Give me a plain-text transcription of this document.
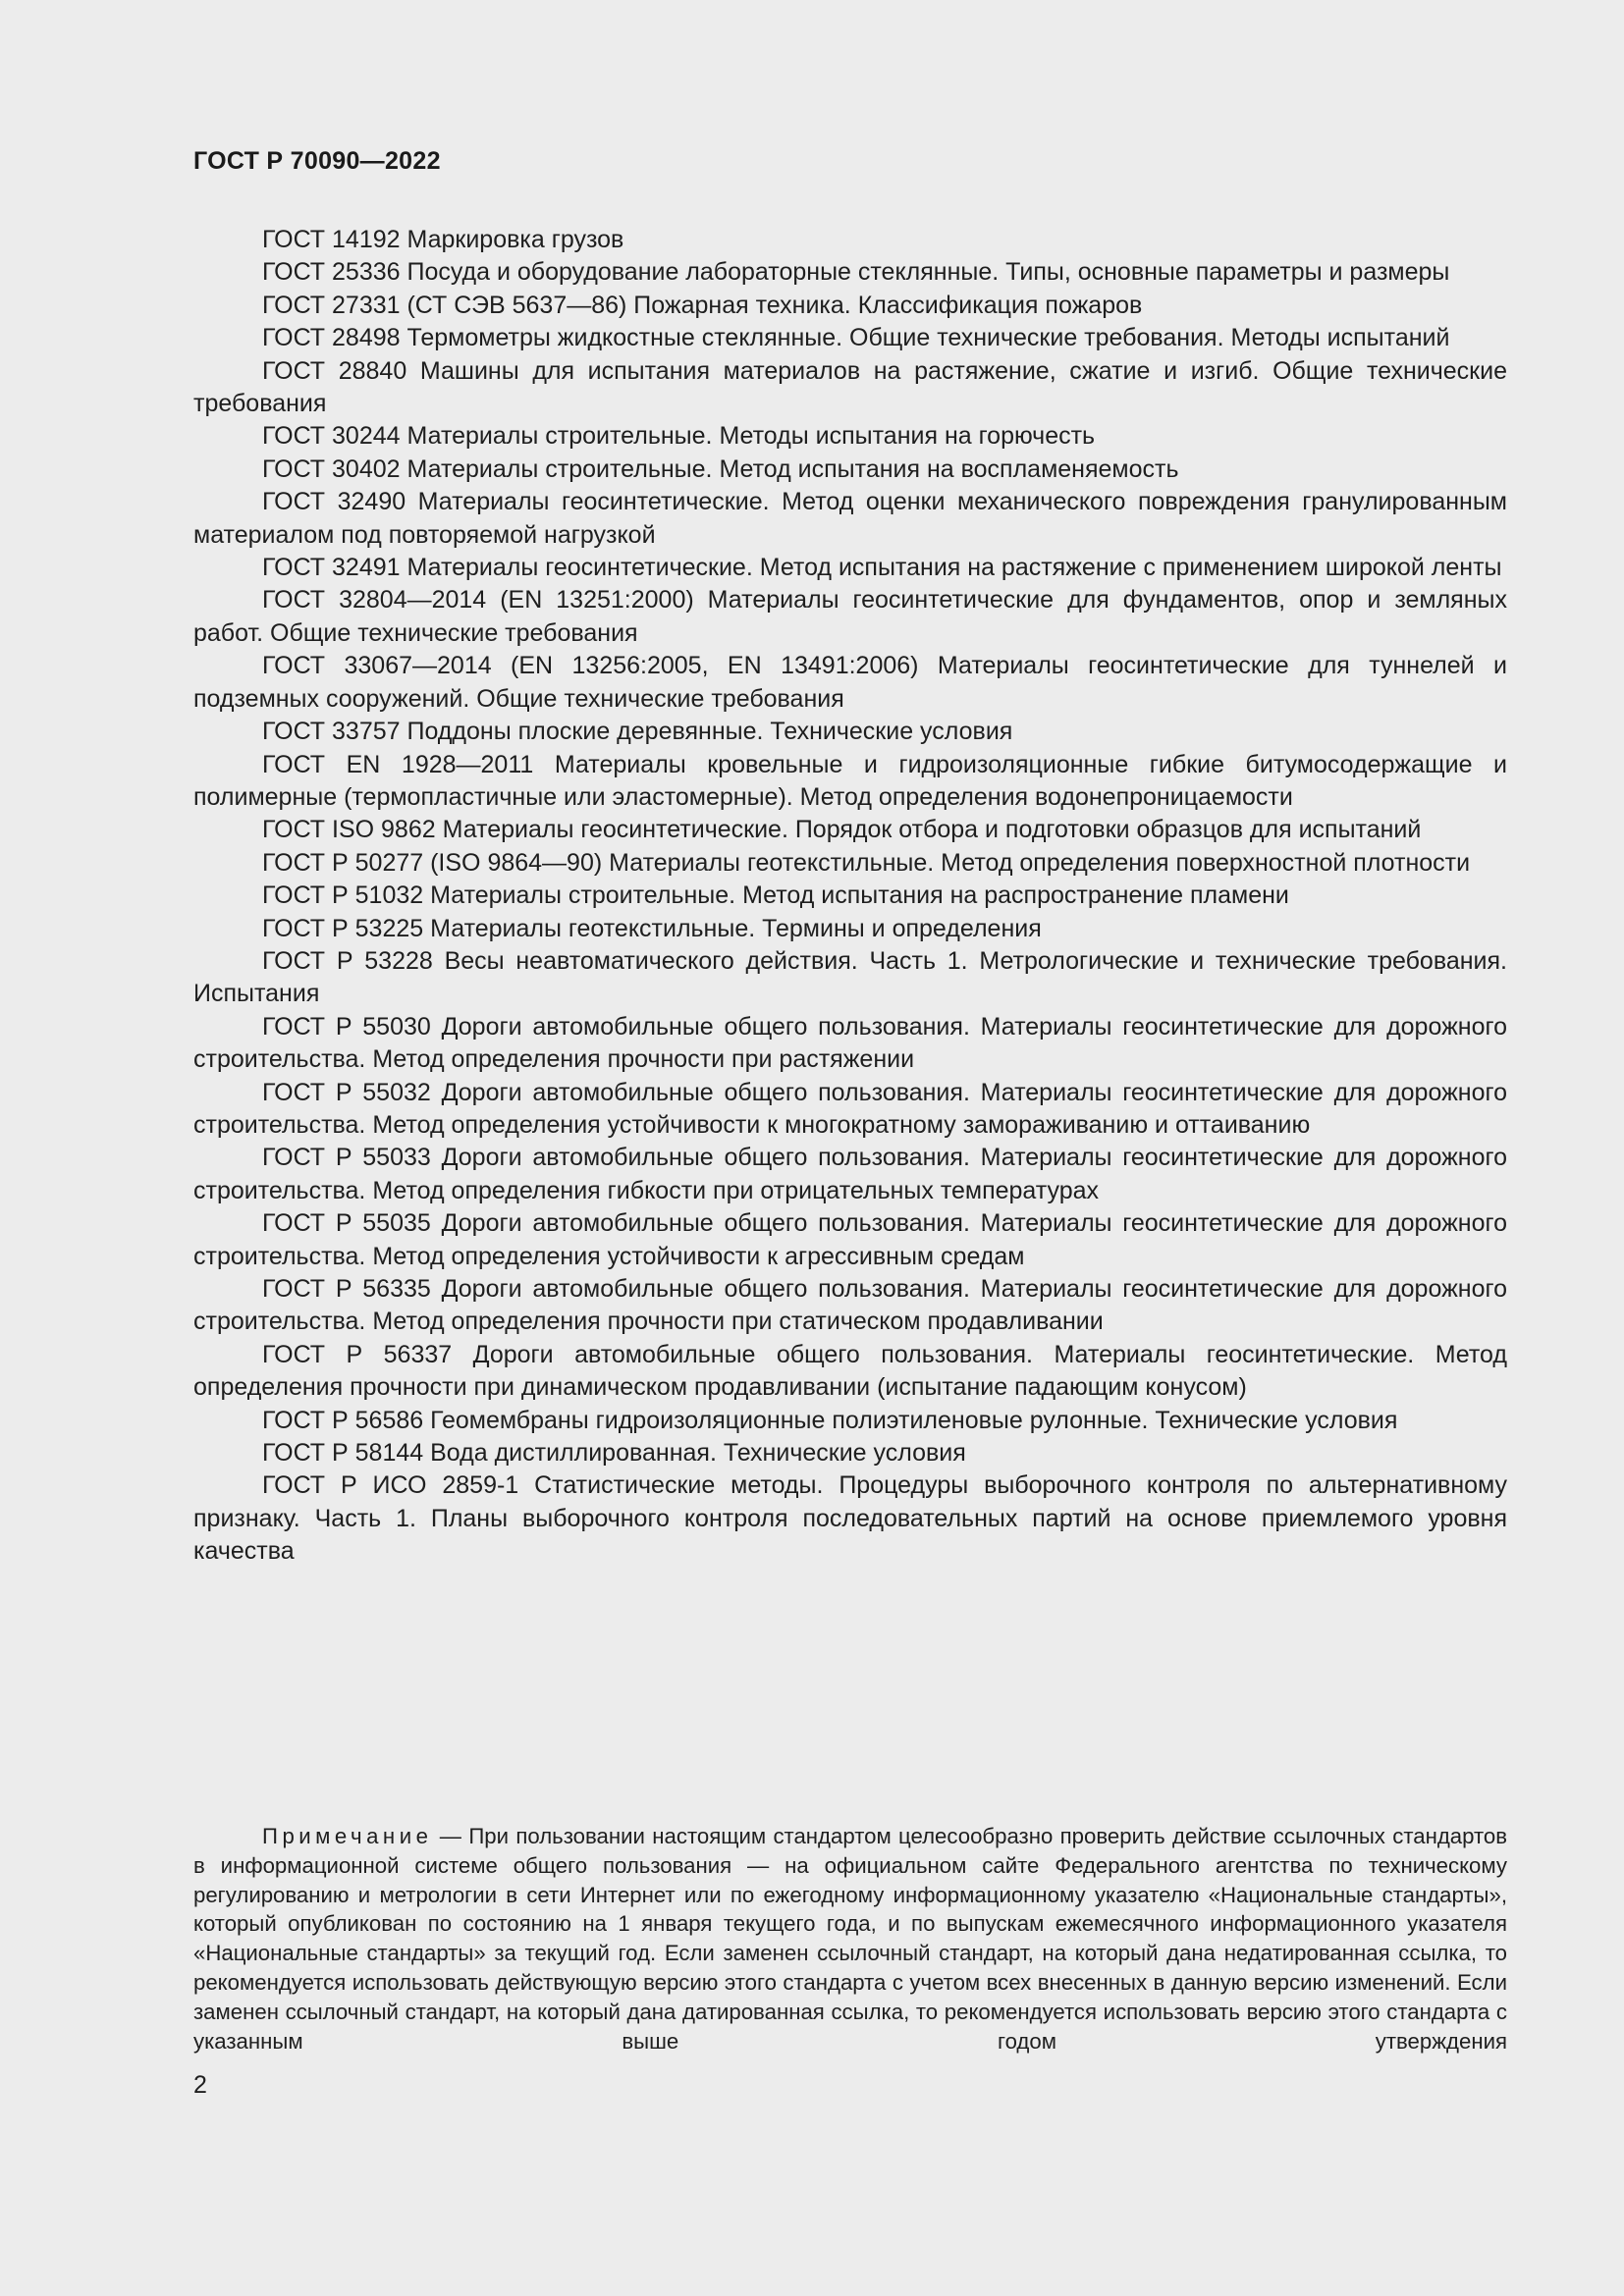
ГОСТ Р 70090—2022

ГОСТ 14192 Маркировка грузов

ГОСТ 25336 Посуда и оборудование лабораторные стеклянные. Типы, основные параметры и размеры

ГОСТ 27331 (СТ СЭВ 5637—86) Пожарная техника. Классификация пожаров

ГОСТ 28498 Термометры жидкостные стеклянные. Общие технические требования. Методы испытаний

ГОСТ 28840 Машины для испытания материалов на растяжение, сжатие и изгиб. Общие технические требования

ГОСТ 30244 Материалы строительные. Методы испытания на горючесть

ГОСТ 30402 Материалы строительные. Метод испытания на воспламеняемость

ГОСТ 32490 Материалы геосинтетические. Метод оценки механического повреждения гранулированным материалом под повторяемой нагрузкой

ГОСТ 32491 Материалы геосинтетические. Метод испытания на растяжение с применением широкой ленты

ГОСТ 32804—2014 (EN 13251:2000) Материалы геосинтетические для фундаментов, опор и земляных работ. Общие технические требования

ГОСТ 33067—2014 (EN 13256:2005, EN 13491:2006) Материалы геосинтетические для туннелей и подземных сооружений. Общие технические требования

ГОСТ 33757 Поддоны плоские деревянные. Технические условия

ГОСТ EN 1928—2011 Материалы кровельные и гидроизоляционные гибкие битумосодержащие и полимерные (термопластичные или эластомерные). Метод определения водонепроницаемости

ГОСТ ISO 9862 Материалы геосинтетические. Порядок отбора и подготовки образцов для испытаний

ГОСТ Р 50277 (ISO 9864—90) Материалы геотекстильные. Метод определения поверхностной плотности

ГОСТ Р 51032 Материалы строительные. Метод испытания на распространение пламени

ГОСТ Р 53225 Материалы геотекстильные. Термины и определения

ГОСТ Р 53228 Весы неавтоматического действия. Часть 1. Метрологические и технические требования. Испытания

ГОСТ Р 55030 Дороги автомобильные общего пользования. Материалы геосинтетические для дорожного строительства. Метод определения прочности при растяжении

ГОСТ Р 55032 Дороги автомобильные общего пользования. Материалы геосинтетические для дорожного строительства. Метод определения устойчивости к многократному замораживанию и оттаиванию

ГОСТ Р 55033 Дороги автомобильные общего пользования. Материалы геосинтетические для дорожного строительства. Метод определения гибкости при отрицательных температурах

ГОСТ Р 55035 Дороги автомобильные общего пользования. Материалы геосинтетические для дорожного строительства. Метод определения устойчивости к агрессивным средам

ГОСТ Р 56335 Дороги автомобильные общего пользования. Материалы геосинтетические для дорожного строительства. Метод определения прочности при статическом продавливании

ГОСТ Р 56337 Дороги автомобильные общего пользования. Материалы геосинтетические. Метод определения прочности при динамическом продавливании (испытание падающим конусом)

ГОСТ Р 56586 Геомембраны гидроизоляционные полиэтиленовые рулонные. Технические условия

ГОСТ Р 58144 Вода дистиллированная. Технические условия

ГОСТ Р ИСО 2859-1 Статистические методы. Процедуры выборочного контроля по альтернативному признаку. Часть 1. Планы выборочного контроля последовательных партий на основе приемлемого уровня качества

Примечание — При пользовании настоящим стандартом целесообразно проверить действие ссылочных стандартов в информационной системе общего пользования — на официальном сайте Федерального агентства по техническому регулированию и метрологии в сети Интернет или по ежегодному информационному указателю «Национальные стандарты», который опубликован по состоянию на 1 января текущего года, и по выпускам ежемесячного информационного указателя «Национальные стандарты» за текущий год. Если заменен ссылочный стандарт, на который дана недатированная ссылка, то рекомендуется использовать действующую версию этого стандарта с учетом всех внесенных в данную версию изменений. Если заменен ссылочный стандарт, на который дана датированная ссылка, то рекомендуется использовать версию этого стандарта с указанным выше годом утверждения

2
